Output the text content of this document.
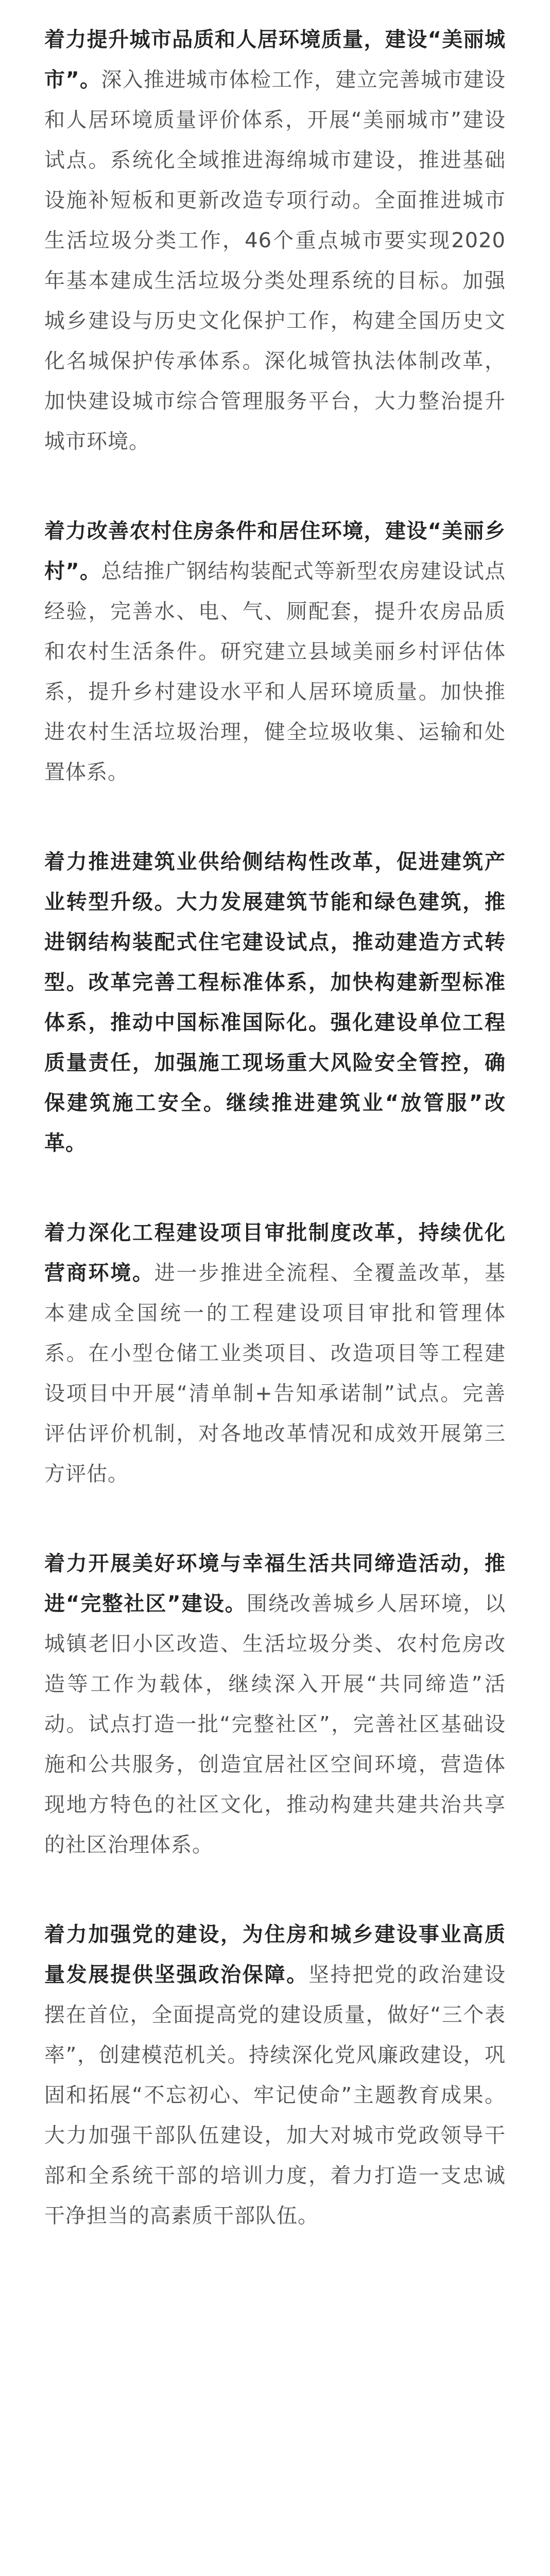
着力提升城市品质和人居环境质量，建设“美丽城市”。深入推进城市体检工作，建立完善城市建设和人居环境质量评价体系，开展“美丽城市”建设试点。系统化全域推进海绵城市建设，推进基础设施补短板和更新改造专项行动。全面推进城市生活垃圾分类工作，46个重点城市要实现2020年基本建成生活垃圾分类处理系统的目标。加强城乡建设与历史文化保护工作，构建全国历史文化名城保护传承体系。深化城管执法体制改革，加快建设城市综合管理服务平台，大力整治提升城市环境。

着力改善农村住房条件和居住环境，建设“美丽乡村”。总结推广钢结构装配式等新型农房建设试点经验，完善水、电、气、厕配套，提升农房品质和农村生活条件。研究建立县域美丽乡村评估体系，提升乡村建设水平和人居环境质量。加快推进农村生活垃圾治理，健全垃圾收集、运输和处置体系。

着力推进建筑业供给侧结构性改革，促进建筑产业转型升级。大力发展建筑节能和绿色建筑，推进钢结构装配式住宅建设试点，推动建造方式转型。改革完善工程标准体系，加快构建新型标准体系，推动中国标准国际化。强化建设单位工程质量责任，加强施工现场重大风险安全管控，确保建筑施工安全。继续推进建筑业“放管服”改革。

着力深化工程建设项目审批制度改革，持续优化营商环境。进一步推进全流程、全覆盖改革，基本建成全国统一的工程建设项目审批和管理体系。在小型仓储工业类项目、改造项目等工程建设项目中开展“清单制+告知承诺制”试点。完善评估评价机制，对各地改革情况和成效开展第三方评估。

着力开展美好环境与幸福生活共同缔造活动，推进“完整社区”建设。围绕改善城乡人居环境，以城镇老旧小区改造、生活垃圾分类、农村危房改造等工作为载体，继续深入开展“共同缔造”活动。试点打造一批“完整社区”，完善社区基础设施和公共服务，创造宜居社区空间环境，营造体现地方特色的社区文化，推动构建共建共治共享的社区治理体系。

着力加强党的建设，为住房和城乡建设事业高质量发展提供坚强政治保障。坚持把党的政治建设摆在首位，全面提高党的建设质量，做好“三个表率”，创建模范机关。持续深化党风廉政建设，巩固和拓展“不忘初心、牢记使命”主题教育成果。大力加强干部队伍建设，加大对城市党政领导干部和全系统干部的培训力度，着力打造一支忠诚干净担当的高素质干部队伍。
